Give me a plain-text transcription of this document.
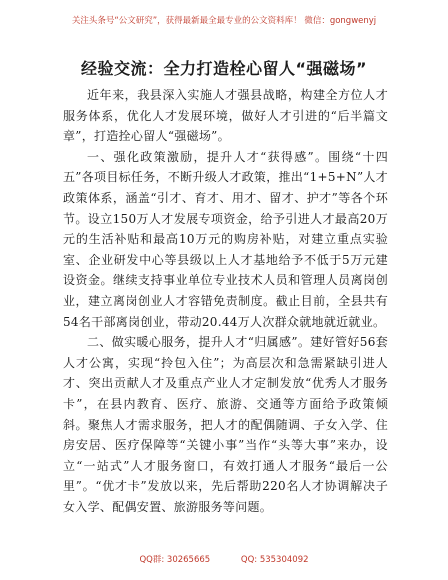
关注头条号“公文研究”，获得最新最全最专业的公文资料库！ 微信：gongwenyj
经验交流：全力打造栓心留人“强磁场”

近年来，我县深入实施人才强县战略，构建全方位人才服务体系，优化人才发展环境，做好人才引进的“后半篇文章”，打造拴心留人“强磁场”。

一、强化政策激励，提升人才“获得感”。围绕“十四五”各项目标任务，不断升级人才政策，推出“1+5+N”人才政策体系，涵盖“引才、育才、用才、留才、护才”等各个环节。设立150万人才发展专项资金，给予引进人才最高20万元的生活补贴和最高10万元的购房补贴，对建立重点实验室、企业研发中心等县级以上人才基地给予不低于5万元建设资金。继续支持事业单位专业技术人员和管理人员离岗创业，建立离岗创业人才容错免责制度。截止目前，全县共有54名干部离岗创业，带动20.44万人次群众就地就近就业。

二、做实暖心服务，提升人才“归属感”。建好管好56套人才公寓，实现“拎包入住”；为高层次和急需紧缺引进人才、突出贡献人才及重点产业人才定制发放“优秀人才服务卡”，在县内教育、医疗、旅游、交通等方面给予政策倾斜。聚焦人才需求服务，把人才的配偶随调、子女入学、住房安居、医疗保障等“关键小事”当作“头等大事”来办，设立“一站式”人才服务窗口，有效打通人才服务“最后一公里”。“优才卡”发放以来，先后帮助220名人才协调解决子女入学、配偶安置、旅游服务等问题。

QQ群: 30265665	QQ: 535304092
